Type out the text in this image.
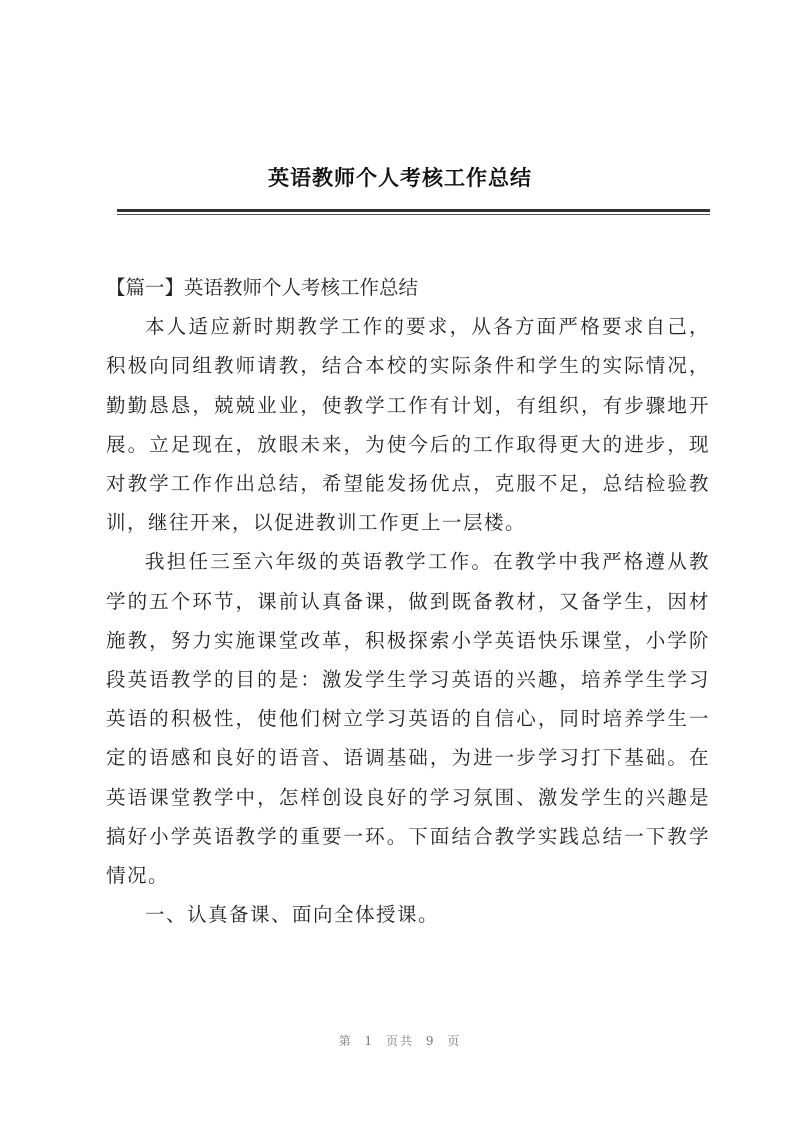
英语教师个人考核工作总结

【篇一】英语教师个人考核工作总结

本人适应新时期教学工作的要求，从各方面严格要求自己，积极向同组教师请教，结合本校的实际条件和学生的实际情况，勤勤恳恳，兢兢业业，使教学工作有计划，有组织，有步骤地开展。立足现在，放眼未来，为使今后的工作取得更大的进步，现对教学工作作出总结，希望能发扬优点，克服不足，总结检验教训，继往开来，以促进教训工作更上一层楼。

我担任三至六年级的英语教学工作。在教学中我严格遵从教学的五个环节，课前认真备课，做到既备教材，又备学生，因材施教，努力实施课堂改革，积极探索小学英语快乐课堂，小学阶段英语教学的目的是：激发学生学习英语的兴趣，培养学生学习英语的积极性，使他们树立学习英语的自信心，同时培养学生一定的语感和良好的语音、语调基础，为进一步学习打下基础。在英语课堂教学中，怎样创设良好的学习氛围、激发学生的兴趣是搞好小学英语教学的重要一环。下面结合教学实践总结一下教学情况。

一、认真备课、面向全体授课。

第 1 页共 9 页
